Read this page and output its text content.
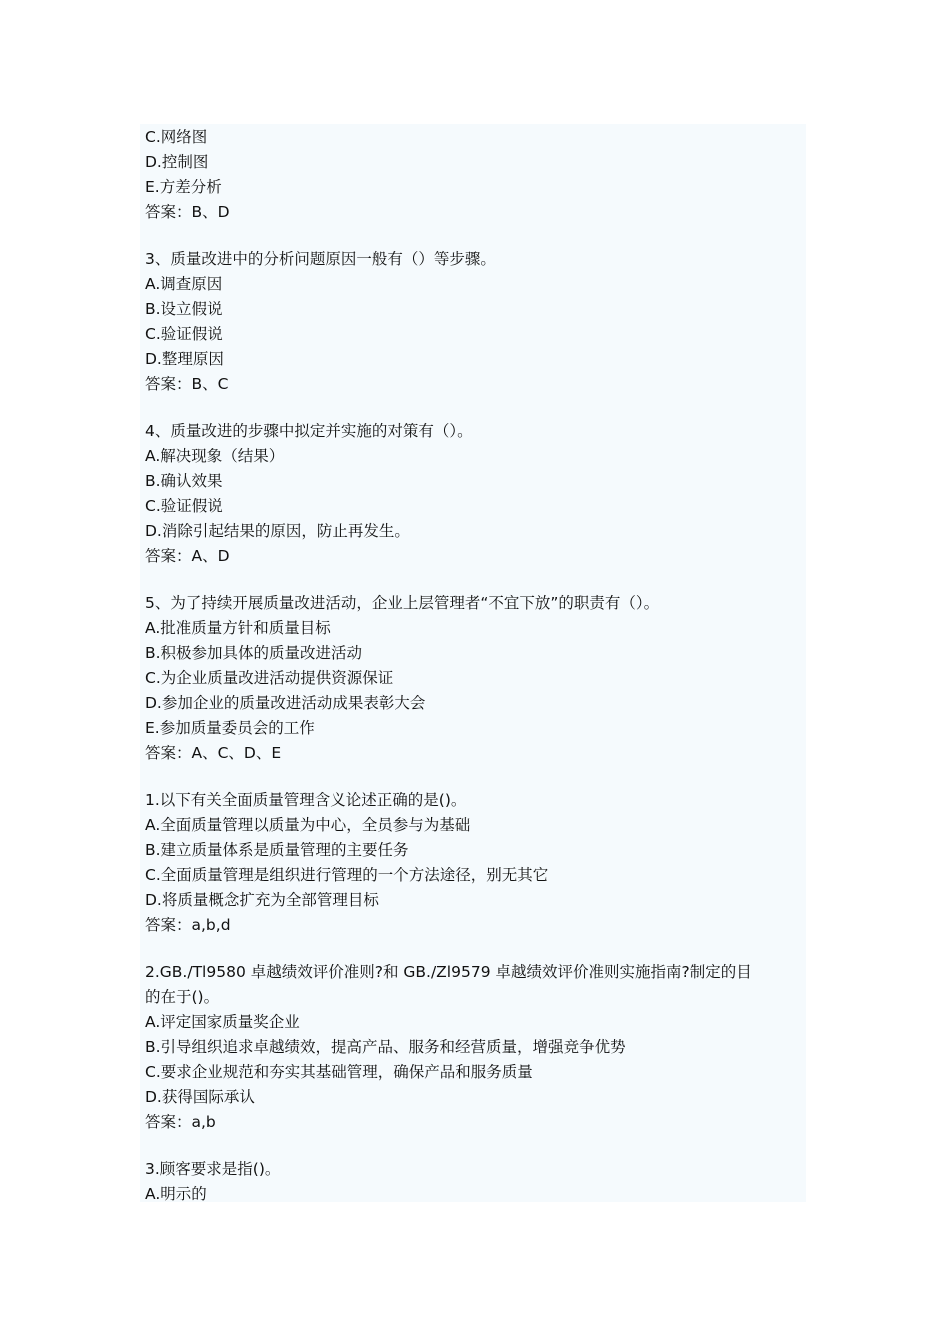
C.网络图
D.控制图
E.方差分析
答案：B、D
3、质量改进中的分析问题原因一般有（）等步骤。
A.调查原因
B.设立假说
C.验证假说
D.整理原因
答案：B、C
4、质量改进的步骤中拟定并实施的对策有（）。
A.解决现象（结果）
B.确认效果
C.验证假说
D.消除引起结果的原因，防止再发生。
答案：A、D
5、为了持续开展质量改进活动，企业上层管理者“不宜下放”的职责有（）。
A.批准质量方针和质量目标
B.积极参加具体的质量改进活动
C.为企业质量改进活动提供资源保证
D.参加企业的质量改进活动成果表彰大会
E.参加质量委员会的工作
答案：A、C、D、E
1.以下有关全面质量管理含义论述正确的是()。
A.全面质量管理以质量为中心，全员参与为基础
B.建立质量体系是质量管理的主要任务
C.全面质量管理是组织进行管理的一个方法途径，别无其它
D.将质量概念扩充为全部管理目标
答案：a,b,d
2.GB./Tl9580 卓越绩效评价准则?和 GB./Zl9579 卓越绩效评价准则实施指南?制定的目
的在于()。
A.评定国家质量奖企业
B.引导组织追求卓越绩效，提高产品、服务和经营质量，增强竞争优势
C.要求企业规范和夯实其基础管理，确保产品和服务质量
D.获得国际承认
答案：a,b
3.顾客要求是指()。
A.明示的
